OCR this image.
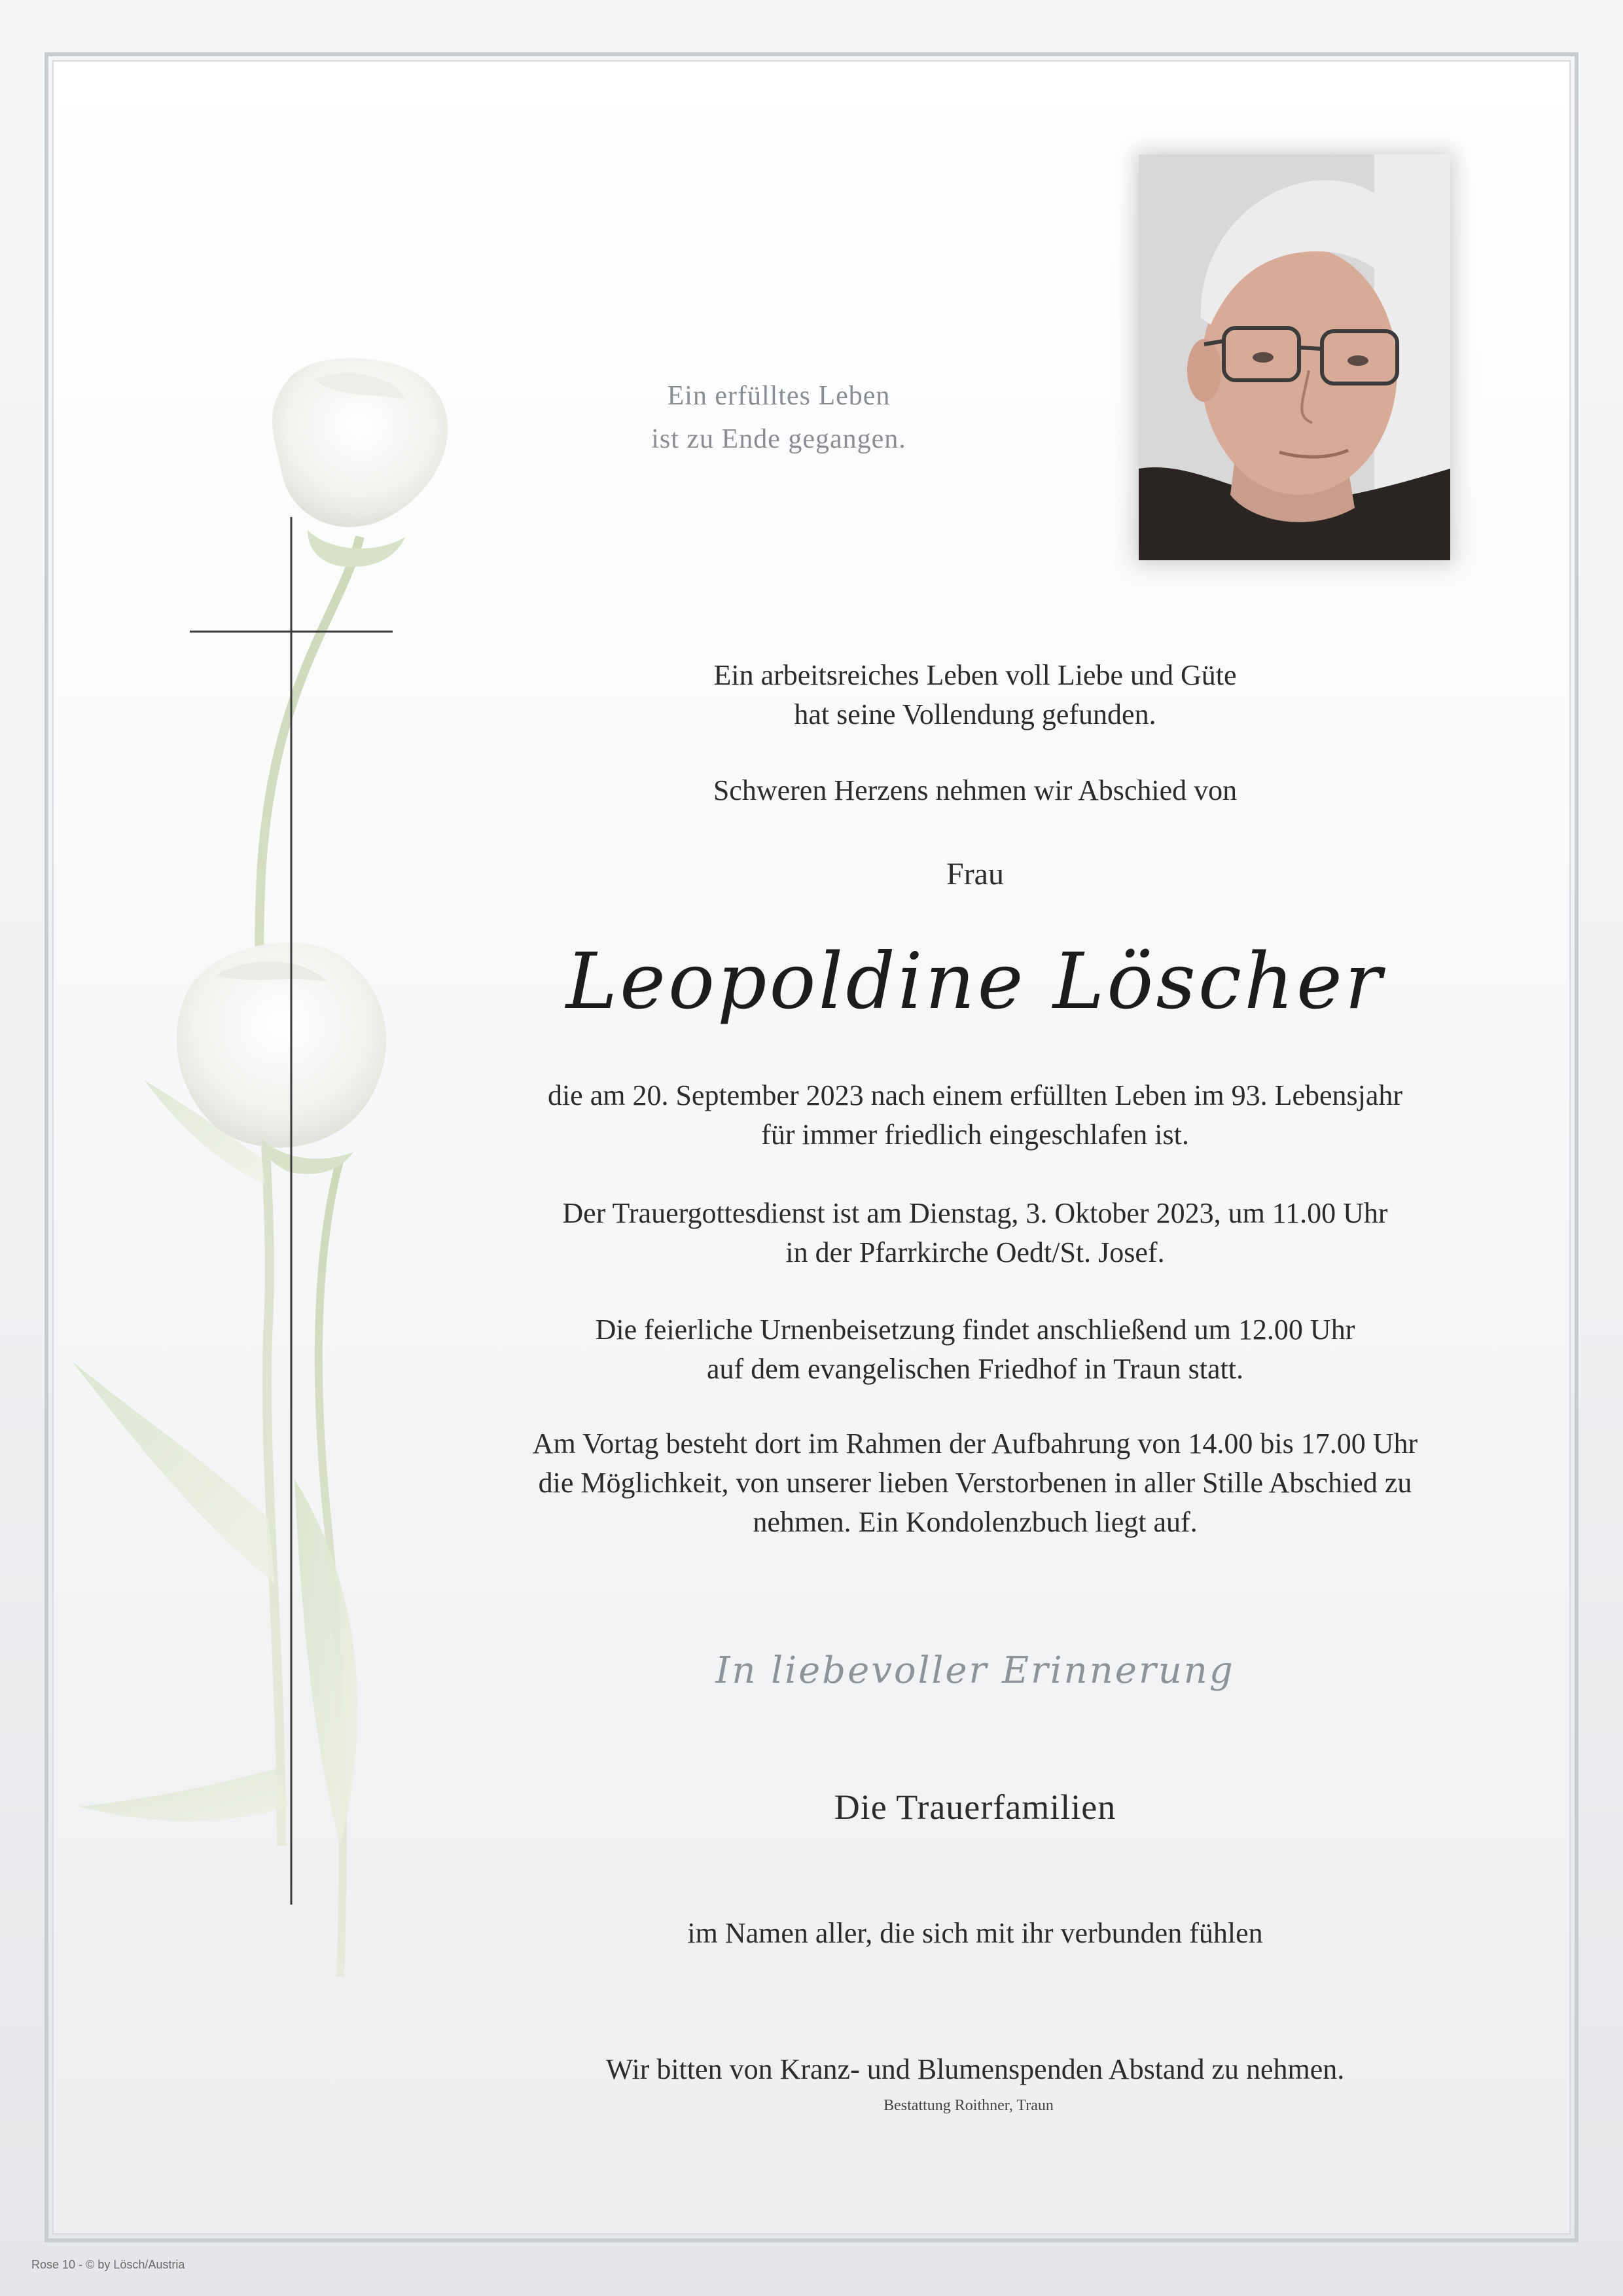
Ein erfülltes Leben
ist zu Ende gegangen.
Ein arbeitsreiches Leben voll Liebe und Güte
hat seine Vollendung gefunden.
Schweren Herzens nehmen wir Abschied von
Frau
Leopoldine Löscher
die am 20. September 2023 nach einem erfüllten Leben im 93. Lebensjahr
für immer friedlich eingeschlafen ist.
Der Trauergottesdienst ist am Dienstag, 3. Oktober 2023, um 11.00 Uhr
in der Pfarrkirche Oedt/St. Josef.
Die feierliche Urnenbeisetzung findet anschließend um 12.00 Uhr
auf dem evangelischen Friedhof in Traun statt.
Am Vortag besteht dort im Rahmen der Aufbahrung von 14.00 bis 17.00 Uhr
die Möglichkeit, von unserer lieben Verstorbenen in aller Stille Abschied zu
nehmen. Ein Kondolenzbuch liegt auf.
In liebevoller Erinnerung
Die Trauerfamilien
im Namen aller, die sich mit ihr verbunden fühlen
Wir bitten von Kranz- und Blumenspenden Abstand zu nehmen.
Bestattung Roithner, Traun
Rose 10 - © by Lösch/Austria
